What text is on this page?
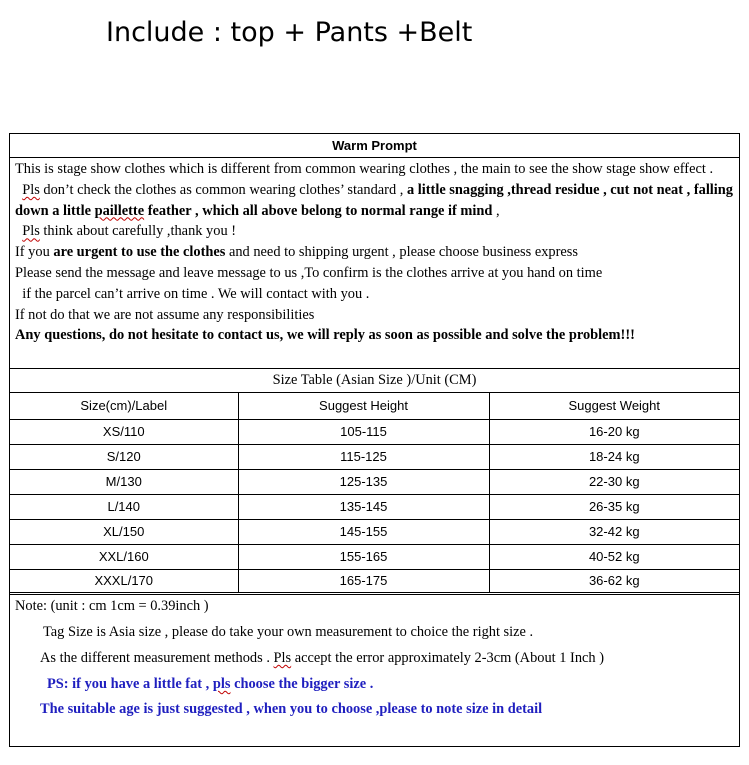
Include : top + Pants +Belt
Warm Prompt

This is stage show clothes which is different from common wearing clothes , the main to see the show stage show effect .

Pls don’t check the clothes as common wearing clothes’ standard , a little snagging ,thread residue , cut not neat , falling down a little paillette feather , which all above belong to normal range if mind ,

Pls think about carefully ,thank you !

If you are urgent to use the clothes and need to shipping urgent , please choose business express

Please send the message and leave message to us ,To confirm is the clothes arrive at you hand on time

if the parcel can’t arrive on time . We will contact with you .

If not do that we are not assume any responsibilities

Any questions, do not hesitate to contact us, we will reply as soon as possible and solve the problem!!!

Size Table (Asian Size )/Unit (CM)
Size(cm)/Label	Suggest Height	Suggest Weight
XS/110	105-115	16-20 kg
S/120	115-125	18-24 kg
M/130	125-135	22-30 kg
L/140	135-145	26-35 kg
XL/150	145-155	32-42 kg
XXL/160	155-165	40-52 kg
XXXL/170	165-175	36-62 kg

Note: (unit : cm 1cm = 0.39inch )

Tag Size is Asia size , please do take your own measurement to choice the right size .

As the different measurement methods . Pls accept the error approximately 2-3cm (About 1 Inch )

PS: if you have a little fat , pls choose the bigger size .

The suitable age is just suggested , when you to choose ,please to note size in detail
